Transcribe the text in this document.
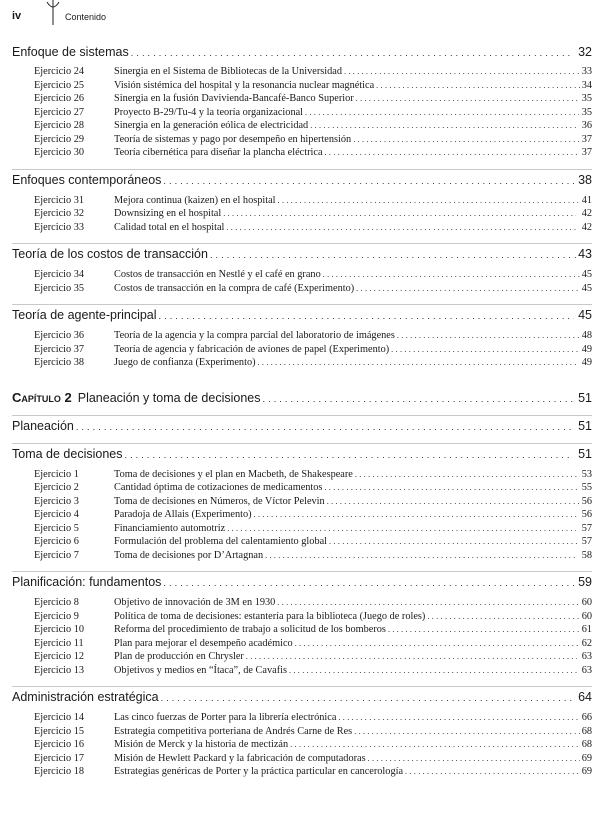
iv	Contenido
Enfoque de sistemas . . .	32
Ejercicio 24	Sinergia en el Sistema de Bibliotecas de la Universidad . . .	33
Ejercicio 25	Visión sistémica del hospital y la resonancia nuclear magnética . . .	34
Ejercicio 26	Sinergia en la fusión Davivienda-Bancafé-Banco Superior . . .	35
Ejercicio 27	Proyecto B-29/Tu-4 y la teoría organizacional . . .	35
Ejercicio 28	Sinergia en la generación eólica de electricidad . . .	36
Ejercicio 29	Teoría de sistemas y pago por desempeño en hipertensión . . .	37
Ejercicio 30	Teoría cibernética para diseñar la plancha eléctrica . . .	37
Enfoques contemporáneos . . .	38
Ejercicio 31	Mejora continua (kaizen) en el hospital . . .	41
Ejercicio 32	Downsizing en el hospital . . .	42
Ejercicio 33	Calidad total en el hospital . . .	42
Teoría de los costos de transacción . . .	43
Ejercicio 34	Costos de transacción en Nestlé y el café en grano . . .	45
Ejercicio 35	Costos de transacción en la compra de café (Experimento) . . .	45
Teoría de agente-principal . . .	45
Ejercicio 36	Teoría de la agencia y la compra parcial del laboratorio de imágenes . . .	48
Ejercicio 37	Teoría de agencia y fabricación de aviones de papel (Experimento) . . .	49
Ejercicio 38	Juego de confianza (Experimento) . . .	49
Capítulo 2 Planeación y toma de decisiones . . .	51
Planeación . . .	51
Toma de decisiones . . .	51
Ejercicio 1	Toma de decisiones y el plan en Macbeth, de Shakespeare . . .	53
Ejercicio 2	Cantidad óptima de cotizaciones de medicamentos . . .	55
Ejercicio 3	Toma de decisiones en Números, de Víctor Pelevin . . .	56
Ejercicio 4	Paradoja de Allais (Experimento) . . .	56
Ejercicio 5	Financiamiento automotriz . . .	57
Ejercicio 6	Formulación del problema del calentamiento global . . .	57
Ejercicio 7	Toma de decisiones por D’Artagnan . . .	58
Planificación: fundamentos . . .	59
Ejercicio 8	Objetivo de innovación de 3M en 1930 . . .	60
Ejercicio 9	Política de toma de decisiones: estantería para la biblioteca (Juego de roles) . . .	60
Ejercicio 10	Reforma del procedimiento de trabajo a solicitud de los bomberos . . .	61
Ejercicio 11	Plan para mejorar el desempeño académico . . .	62
Ejercicio 12	Plan de producción en Chrysler . . .	63
Ejercicio 13	Objetivos y medios en “Ítaca”, de Cavafis . . .	63
Administración estratégica . . .	64
Ejercicio 14	Las cinco fuerzas de Porter para la librería electrónica . . .	66
Ejercicio 15	Estrategia competitiva porteriana de Andrés Carne de Res . . .	68
Ejercicio 16	Misión de Merck y la historia de mectizán . . .	68
Ejercicio 17	Misión de Hewlett Packard y la fabricación de computadoras . . .	69
Ejercicio 18	Estrategias genéricas de Porter y la práctica particular en cancerología . . .	69
